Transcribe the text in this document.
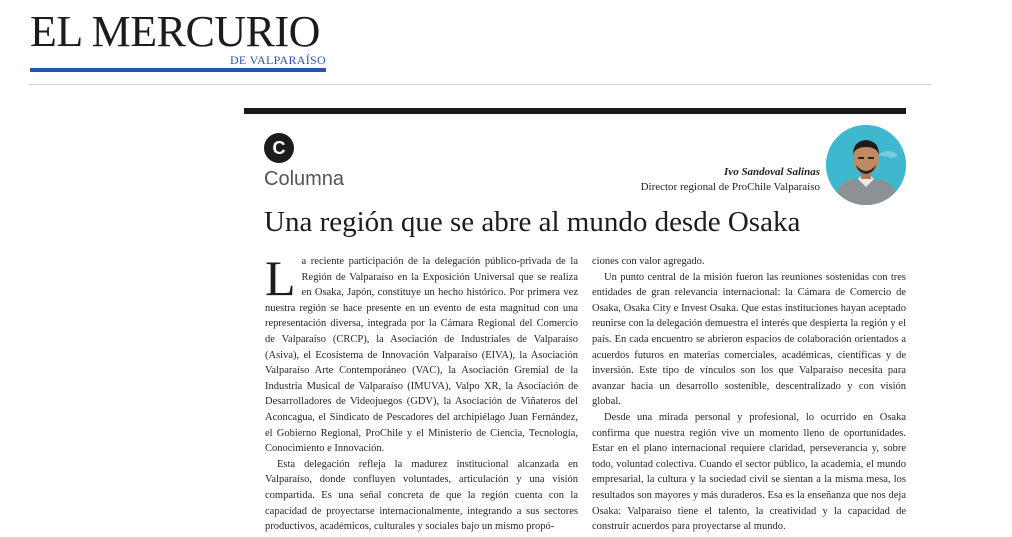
EL MERCURIO
DE VALPARAÍSO
C
Columna	Ivo Sandoval Salinas
Director regional de ProChile Valparaíso
Una región que se abre al mundo desde Osaka

La reciente participación de la delegación público-privada de la Región de Valparaíso en la Exposición Universal que se realiza en Osaka, Japón, constituye un hecho histórico. Por primera vez nuestra región se hace presente en un evento de esta magnitud con una representación diversa, integrada por la Cámara Regional del Comercio de Valparaíso (CRCP), la Asociación de Industriales de Valparaíso (Asiva), el Ecosistema de Innovación Valparaíso (EIVA), la Asociación Valparaíso Arte Contemporáneo (VAC), la Asociación Gremial de la Industria Musical de Valparaíso (IMUVA), Valpo XR, la Asociación de Desarrolladores de Videojuegos (GDV), la Asociación de Viñateros del Aconcagua, el Sindicato de Pescadores del archipiélago Juan Fernández, el Gobierno Regional, ProChile y el Ministerio de Ciencia, Tecnología, Conocimiento e Innovación.

Esta delegación refleja la madurez institucional alcanzada en Valparaíso, donde confluyen voluntades, articulación y una visión compartida. Es una señal concreta de que la región cuenta con la capacidad de proyectarse internacionalmente, integrando a sus sectores productivos, académicos, culturales y sociales bajo un mismo propó-

ciones con valor agregado.

Un punto central de la misión fueron las reuniones sostenidas con tres entidades de gran relevancia internacional: la Cámara de Comercio de Osaka, Osaka City e Invest Osaka. Que estas instituciones hayan aceptado reunirse con la delegación demuestra el interés que despierta la región y el país. En cada encuentro se abrieron espacios de colaboración orientados a acuerdos futuros en materias comerciales, académicas, científicas y de inversión. Este tipo de vínculos son los que Valparaíso necesita para avanzar hacia un desarrollo sostenible, descentralizado y con visión global.

Desde una mirada personal y profesional, lo ocurrido en Osaka confirma que nuestra región vive un momento lleno de oportunidades. Estar en el plano internacional requiere claridad, perseverancia y, sobre todo, voluntad colectiva. Cuando el sector público, la academia, el mundo empresarial, la cultura y la sociedad civil se sientan a la misma mesa, los resultados son mayores y más duraderos. Esa es la enseñanza que nos deja Osaka: Valparaíso tiene el talento, la creatividad y la capacidad de construir acuerdos para proyectarse al mundo.
